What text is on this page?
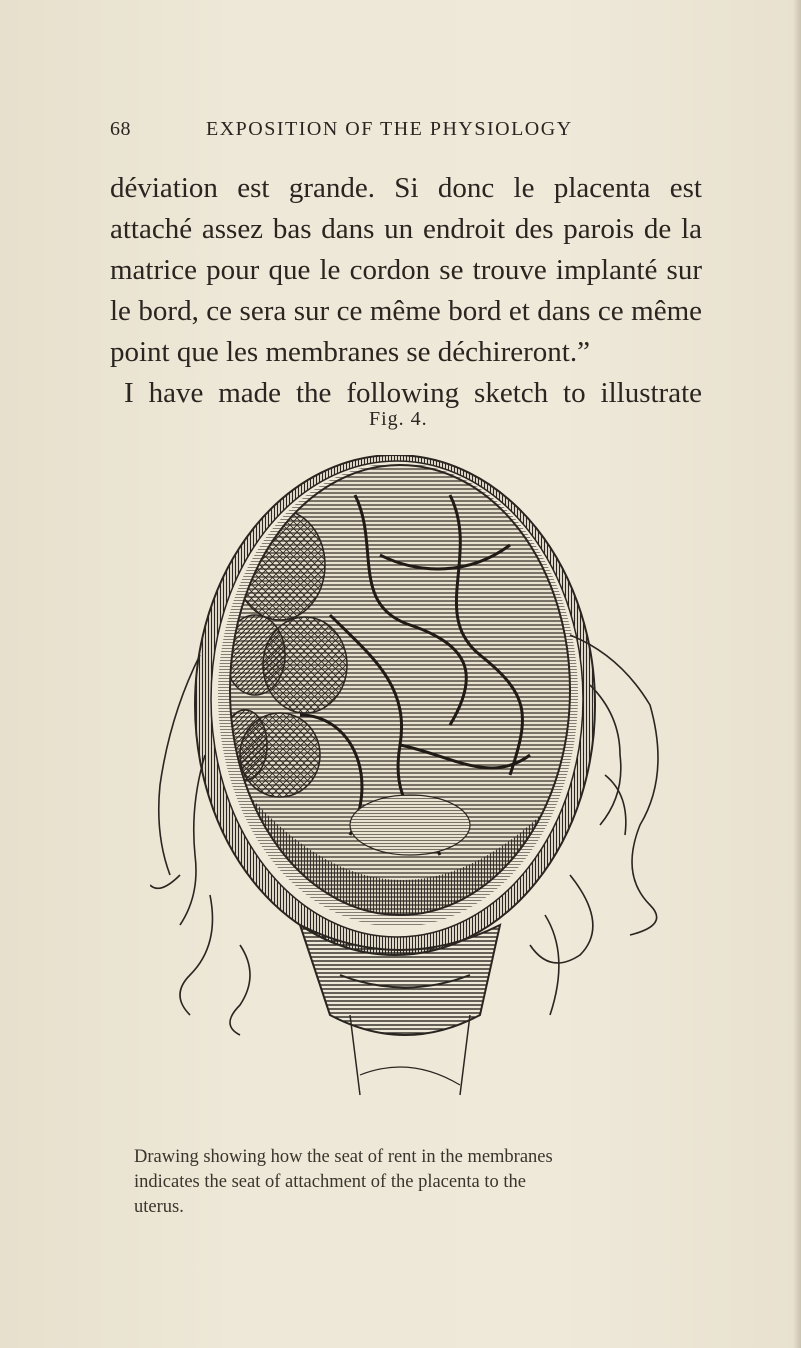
68	EXPOSITION OF THE PHYSIOLOGY
déviation est grande. Si donc le placenta est
attaché assez bas dans un endroit des parois de la
matrice pour que le cordon se trouve implanté sur
le bord, ce sera sur ce même bord et dans ce même
point que les membranes se déchireront.”
I have made the following sketch to illustrate
Fig. 4.
Drawing showing how the seat of rent in the membranes
indicates the seat of attachment of the placenta to the
uterus.
